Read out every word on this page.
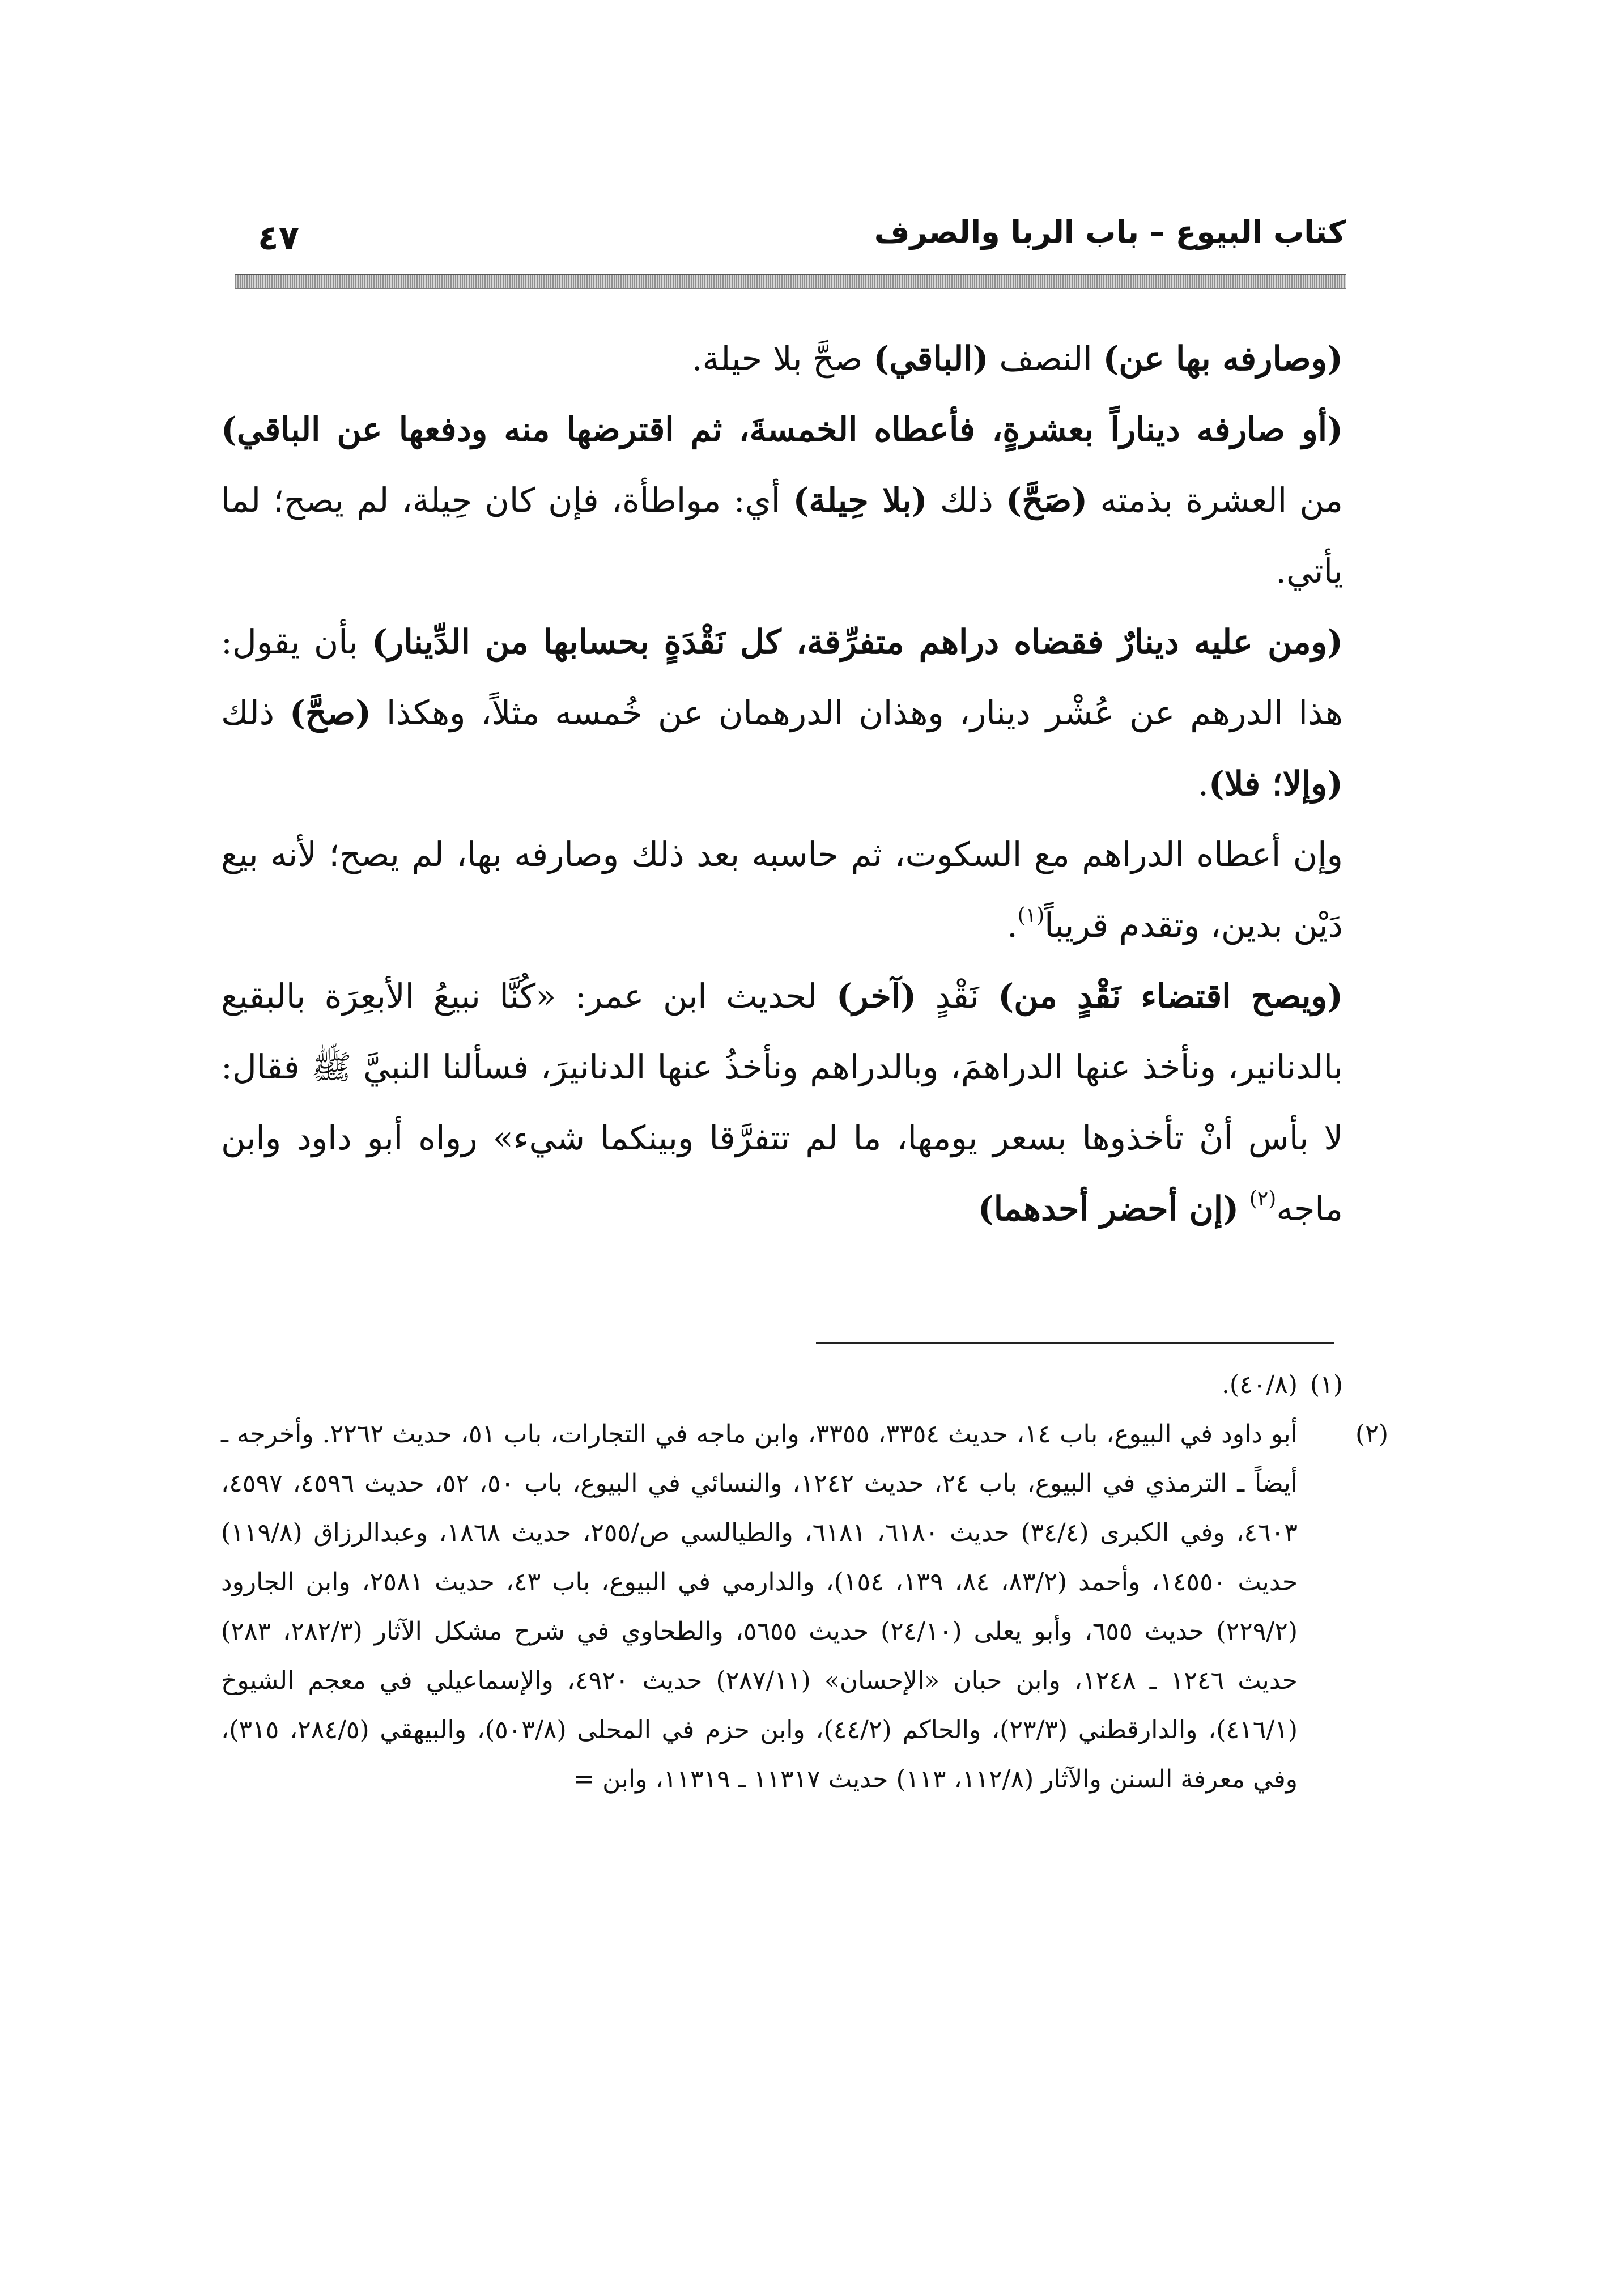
كتاب البيوع – باب الربا والصرف
٤٧

(وصارفه بها عن) النصف (الباقي) صحَّ بلا حيلة.

(أو صارفه ديناراً بعشرةٍ، فأعطاه الخمسةَ، ثم اقترضها منه ودفعها عن الباقي) من العشرة بذمته (صَحَّ) ذلك (بلا حِيلة) أي: مواطأة، فإن كان حِيلة، لم يصح؛ لما يأتي.

(ومن عليه دينارٌ فقضاه دراهم متفرِّقة، كل نَقْدَةٍ بحسابها من الدِّينار) بأن يقول: هذا الدرهم عن عُشْر دينار، وهذان الدرهمان عن خُمسه مثلاً، وهكذا (صحَّ) ذلك (وإلا؛ فلا).

وإن أعطاه الدراهم مع السكوت، ثم حاسبه بعد ذلك وصارفه بها، لم يصح؛ لأنه بيع دَيْن بدين، وتقدم قريباً$^{(١)}$.

(ويصح اقتضاء نَقْدٍ من) نَقْدٍ (آخر) لحديث ابن عمر: «كُنَّا نبيعُ الأبعِرَة بالبقيع بالدنانير، ونأخذ عنها الدراهمَ، وبالدراهم ونأخذُ عنها الدنانيرَ، فسألنا النبيَّ ﷺ فقال: لا بأس أنْ تأخذوها بسعر يومها، ما لم تتفرَّقا وبينكما شيء» رواه أبو داود وابن ماجه$^{(٢)}$ (إن أحضر أحدهما)

(١)(٤٠/٨).

(٢)أبو داود في البيوع، باب ١٤، حديث ٣٣٥٤، ٣٣٥٥، وابن ماجه في التجارات، باب ٥١، حديث ٢٢٦٢. وأخرجه ـ أيضاً ـ الترمذي في البيوع، باب ٢٤، حديث ١٢٤٢، والنسائي في البيوع، باب ٥٠، ٥٢، حديث ٤٥٩٦، ٤٥٩٧، ٤٦٠٣، وفي الكبرى (٣٤/٤) حديث ٦١٨٠، ٦١٨١، والطيالسي ص/٢٥٥، حديث ١٨٦٨، وعبدالرزاق (١١٩/٨) حديث ١٤٥٥٠، وأحمد (٨٣/٢، ٨٤، ١٣٩، ١٥٤)، والدارمي في البيوع، باب ٤٣، حديث ٢٥٨١، وابن الجارود (٢٢٩/٢) حديث ٦٥٥، وأبو يعلى (٢٤/١٠) حديث ٥٦٥٥، والطحاوي في شرح مشكل الآثار (٢٨٢/٣، ٢٨٣) حديث ١٢٤٦ ـ ١٢٤٨، وابن حبان «الإحسان» (٢٨٧/١١) حديث ٤٩٢٠، والإسماعيلي في معجم الشيوخ (٤١٦/١)، والدارقطني (٢٣/٣)، والحاكم (٤٤/٢)، وابن حزم في المحلى (٥٠٣/٨)، والبيهقي (٢٨٤/٥، ٣١٥)، وفي معرفة السنن والآثار (١١٢/٨، ١١٣) حديث ١١٣١٧ ـ ١١٣١٩، وابن =
